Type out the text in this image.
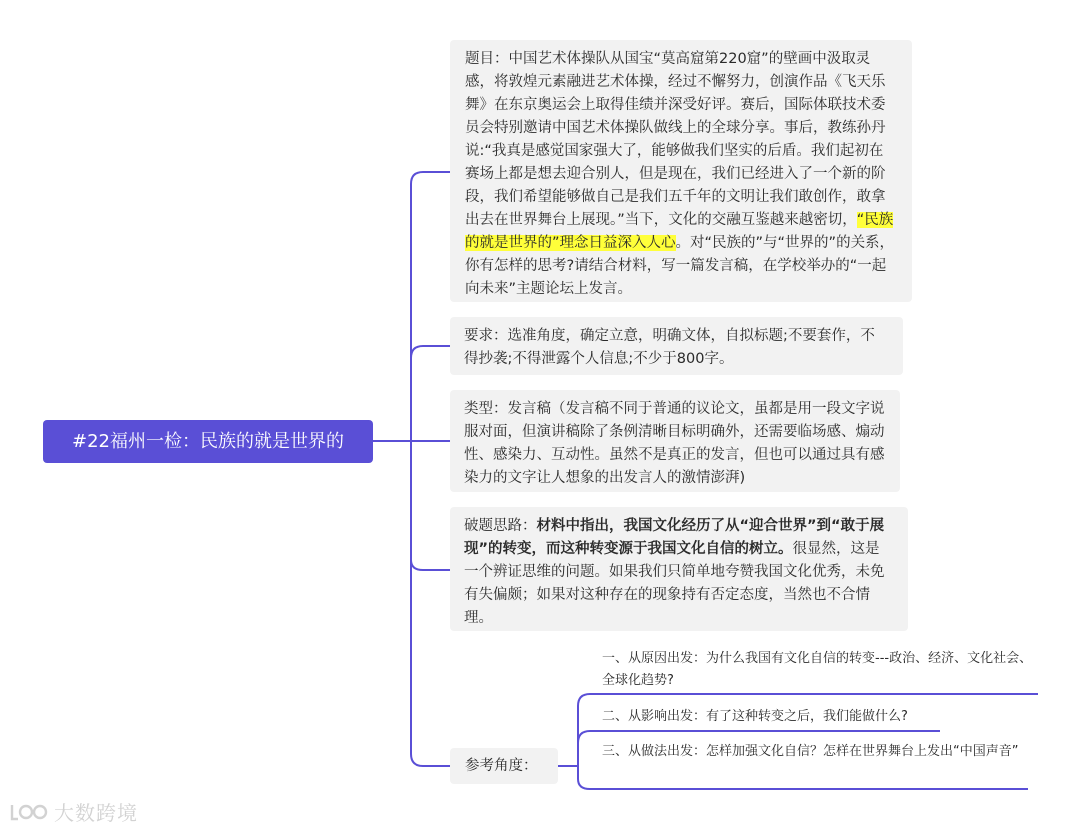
#22福州一检：民族的就是世界的
题目：中国艺术体操队从国宝“莫高窟第220窟”的壁画中汲取灵感，将敦煌元素融进艺术体操，经过不懈努力，创演作品《飞天乐舞》在东京奥运会上取得佳绩并深受好评。赛后，国际体联技术委员会特别邀请中国艺术体操队做线上的全球分享。事后，教练孙丹说:“我真是感觉国家强大了，能够做我们坚实的后盾。我们起初在赛场上都是想去迎合别人，但是现在，我们已经进入了一个新的阶段，我们希望能够做自己是我们五千年的文明让我们敢创作，敢拿出去在世界舞台上展现。”当下，文化的交融互鉴越来越密切，“民族的就是世界的”理念日益深入人心。对“民族的”与“世界的”的关系，你有怎样的思考?请结合材料，写一篇发言稿，在学校举办的“一起向未来”主题论坛上发言。
要求：选准角度，确定立意，明确文体，自拟标题;不要套作，不得抄袭;不得泄露个人信息;不少于800字。
类型：发言稿（发言稿不同于普通的议论文，虽都是用一段文字说服对面，但演讲稿除了条例清晰目标明确外，还需要临场感、煽动性、感染力、互动性。虽然不是真正的发言，但也可以通过具有感染力的文字让人想象的出发言人的激情澎湃)
破题思路：材料中指出，我国文化经历了从“迎合世界”到“敢于展现”的转变，而这种转变源于我国文化自信的树立。很显然，这是一个辨证思维的问题。如果我们只简单地夸赞我国文化优秀，未免有失偏颇；如果对这种存在的现象持有否定态度，当然也不合情理。
参考角度：
一、从原因出发：为什么我国有文化自信的转变---政治、经济、文化社会、全球化趋势?
二、从影响出发：有了这种转变之后，我们能做什么?
三、从做法出发：怎样加强文化自信？怎样在世界舞台上发出“中国声音”
大数跨境
